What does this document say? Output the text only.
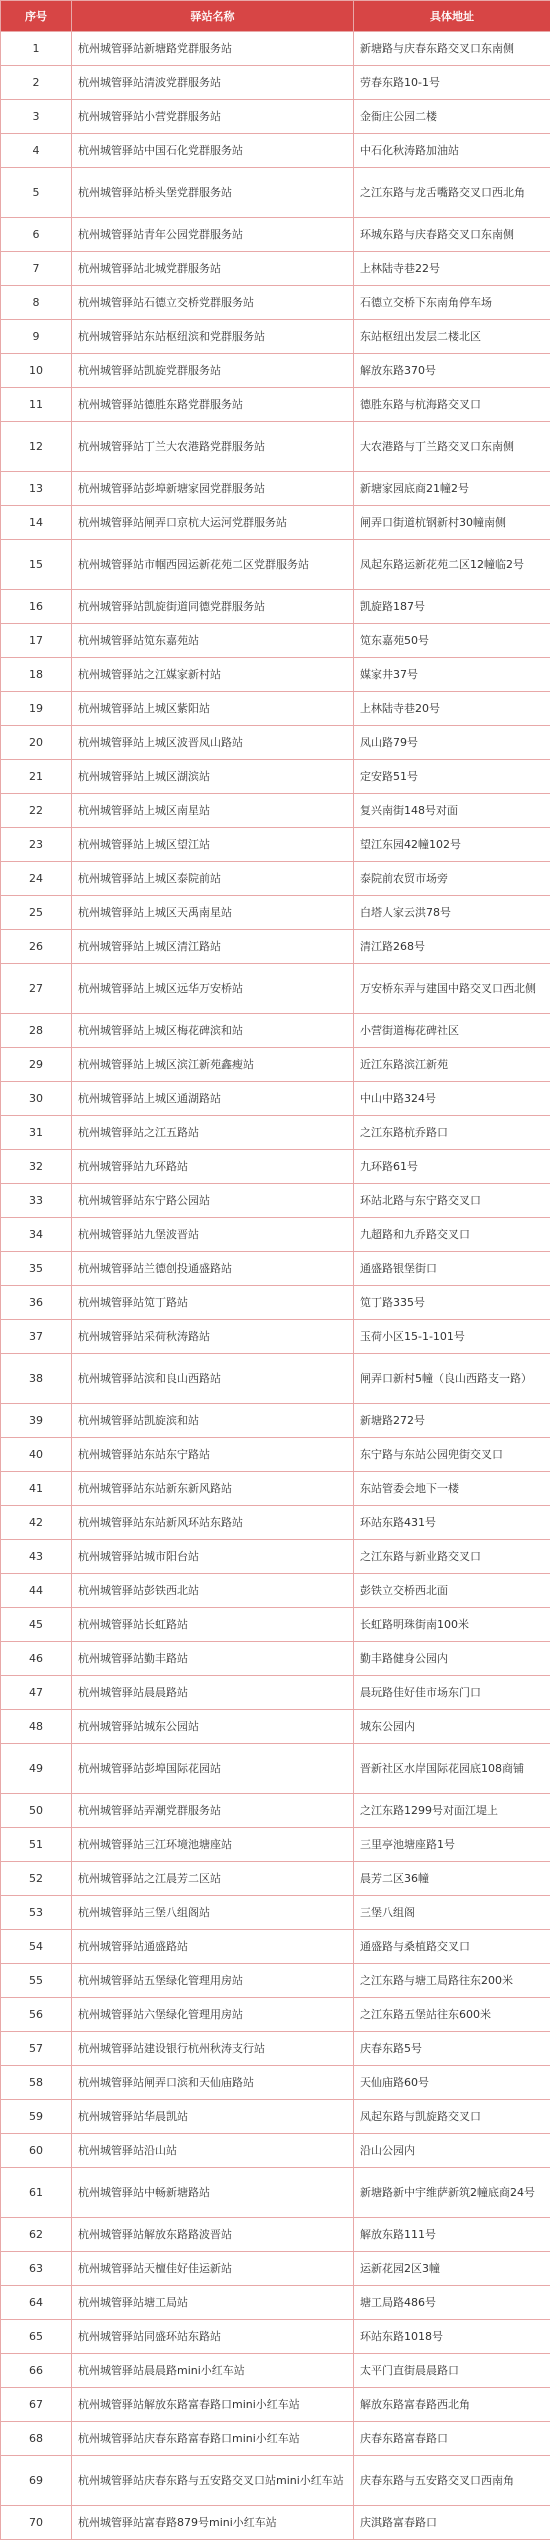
序号	驿站名称	具体地址
1	杭州城管驿站新塘路党群服务站	新塘路与庆春东路交叉口东南侧
2	杭州城管驿站清波党群服务站	劳春东路10-1号
3	杭州城管驿站小营党群服务站	金衙庄公园二楼
4	杭州城管驿站中国石化党群服务站	中石化秋涛路加油站
5	杭州城管驿站桥头堡党群服务站	之江东路与龙舌嘴路交叉口西北角
6	杭州城管驿站青年公园党群服务站	环城东路与庆春路交叉口东南侧
7	杭州城管驿站北城党群服务站	上林陆寺巷22号
8	杭州城管驿站石德立交桥党群服务站	石德立交桥下东南角停车场
9	杭州城管驿站东站枢纽滨和党群服务站	东站枢纽出发层二楼北区
10	杭州城管驿站凯旋党群服务站	解放东路370号
11	杭州城管驿站德胜东路党群服务站	德胜东路与杭海路交叉口
12	杭州城管驿站丁兰大农港路党群服务站	大农港路与丁兰路交叉口东南侧
13	杭州城管驿站彭埠新塘家园党群服务站	新塘家园底商21幢2号
14	杭州城管驿站闸弄口京杭大运河党群服务站	闸弄口街道杭钢新村30幢南侧
15	杭州城管驿站市帼西园运新花苑二区党群服务站	凤起东路运新花苑二区12幢临2号
16	杭州城管驿站凯旋街道同德党群服务站	凯旋路187号
17	杭州城管驿站笕东嘉苑站	笕东嘉苑50号
18	杭州城管驿站之江媒家新村站	媒家井37号
19	杭州城管驿站上城区紫阳站	上林陆寺巷20号
20	杭州城管驿站上城区波晋凤山路站	凤山路79号
21	杭州城管驿站上城区湖滨站	定安路51号
22	杭州城管驿站上城区南星站	复兴南街148号对面
23	杭州城管驿站上城区望江站	望江东园42幢102号
24	杭州城管驿站上城区泰院前站	泰院前农贸市场旁
25	杭州城管驿站上城区天禹南星站	白塔人家云洪78号
26	杭州城管驿站上城区清江路站	清江路268号
27	杭州城管驿站上城区远华万安桥站	万安桥东弄与建国中路交叉口西北侧
28	杭州城管驿站上城区梅花碑滨和站	小营街道梅花碑社区
29	杭州城管驿站上城区滨江新苑鑫瘦站	近江东路滨江新苑
30	杭州城管驿站上城区通湖路站	中山中路324号
31	杭州城管驿站之江五路站	之江东路杭乔路口
32	杭州城管驿站九环路站	九环路61号
33	杭州城管驿站东宁路公园站	环站北路与东宁路交叉口
34	杭州城管驿站九堡波晋站	九超路和九乔路交叉口
35	杭州城管驿站兰德创投通盛路站	通盛路银堡街口
36	杭州城管驿站笕丁路站	笕丁路335号
37	杭州城管驿站采荷秋涛路站	玉荷小区15-1-101号
38	杭州城管驿站滨和良山西路站	闸弄口新村5幢（良山西路支一路）
39	杭州城管驿站凯旋滨和站	新塘路272号
40	杭州城管驿站东站东宁路站	东宁路与东站公园兜街交叉口
41	杭州城管驿站东站新东新风路站	东站管委会地下一楼
42	杭州城管驿站东站新风环站东路站	环站东路431号
43	杭州城管驿站城市阳台站	之江东路与新业路交叉口
44	杭州城管驿站彭铁西北站	彭铁立交桥西北面
45	杭州城管驿站长虹路站	长虹路明珠街南100米
46	杭州城管驿站勤丰路站	勤丰路健身公园内
47	杭州城管驿站晨晨路站	晨玩路佳好佳市场东门口
48	杭州城管驿站城东公园站	城东公园内
49	杭州城管驿站彭埠国际花园站	晋新社区水岸国际花园底108商铺
50	杭州城管驿站弄潮党群服务站	之江东路1299号对面江堤上
51	杭州城管驿站三江环境池塘座站	三里亭池塘座路1号
52	杭州城管驿站之江晨芳二区站	晨芳二区36幢
53	杭州城管驿站三堡八组阁站	三堡八组阁
54	杭州城管驿站通盛路站	通盛路与桑植路交叉口
55	杭州城管驿站五堡绿化管理用房站	之江东路与塘工局路往东200米
56	杭州城管驿站六堡绿化管理用房站	之江东路五堡站往东600米
57	杭州城管驿站建设银行杭州秋涛支行站	庆春东路5号
58	杭州城管驿站闸弄口滨和天仙庙路站	天仙庙路60号
59	杭州城管驿站华晨凯站	凤起东路与凯旋路交叉口
60	杭州城管驿站沿山站	沿山公园内
61	杭州城管驿站中畅新塘路站	新塘路新中宇维萨新筑2幢底商24号
62	杭州城管驿站解放东路路波晋站	解放东路111号
63	杭州城管驿站天檀佳好佳运新站	运新花园2区3幢
64	杭州城管驿站塘工局站	塘工局路486号
65	杭州城管驿站同盛环站东路站	环站东路1018号
66	杭州城管驿站晨晨路mini小红车站	太平门直街晨晨路口
67	杭州城管驿站解放东路富春路口mini小红车站	解放东路富春路西北角
68	杭州城管驿站庆春东路富春路口mini小红车站	庆春东路富春路口
69	杭州城管驿站庆春东路与五安路交叉口站mini小红车站	庆春东路与五安路交叉口西南角
70	杭州城管驿站富春路879号mini小红车站	庆淇路富春路口
